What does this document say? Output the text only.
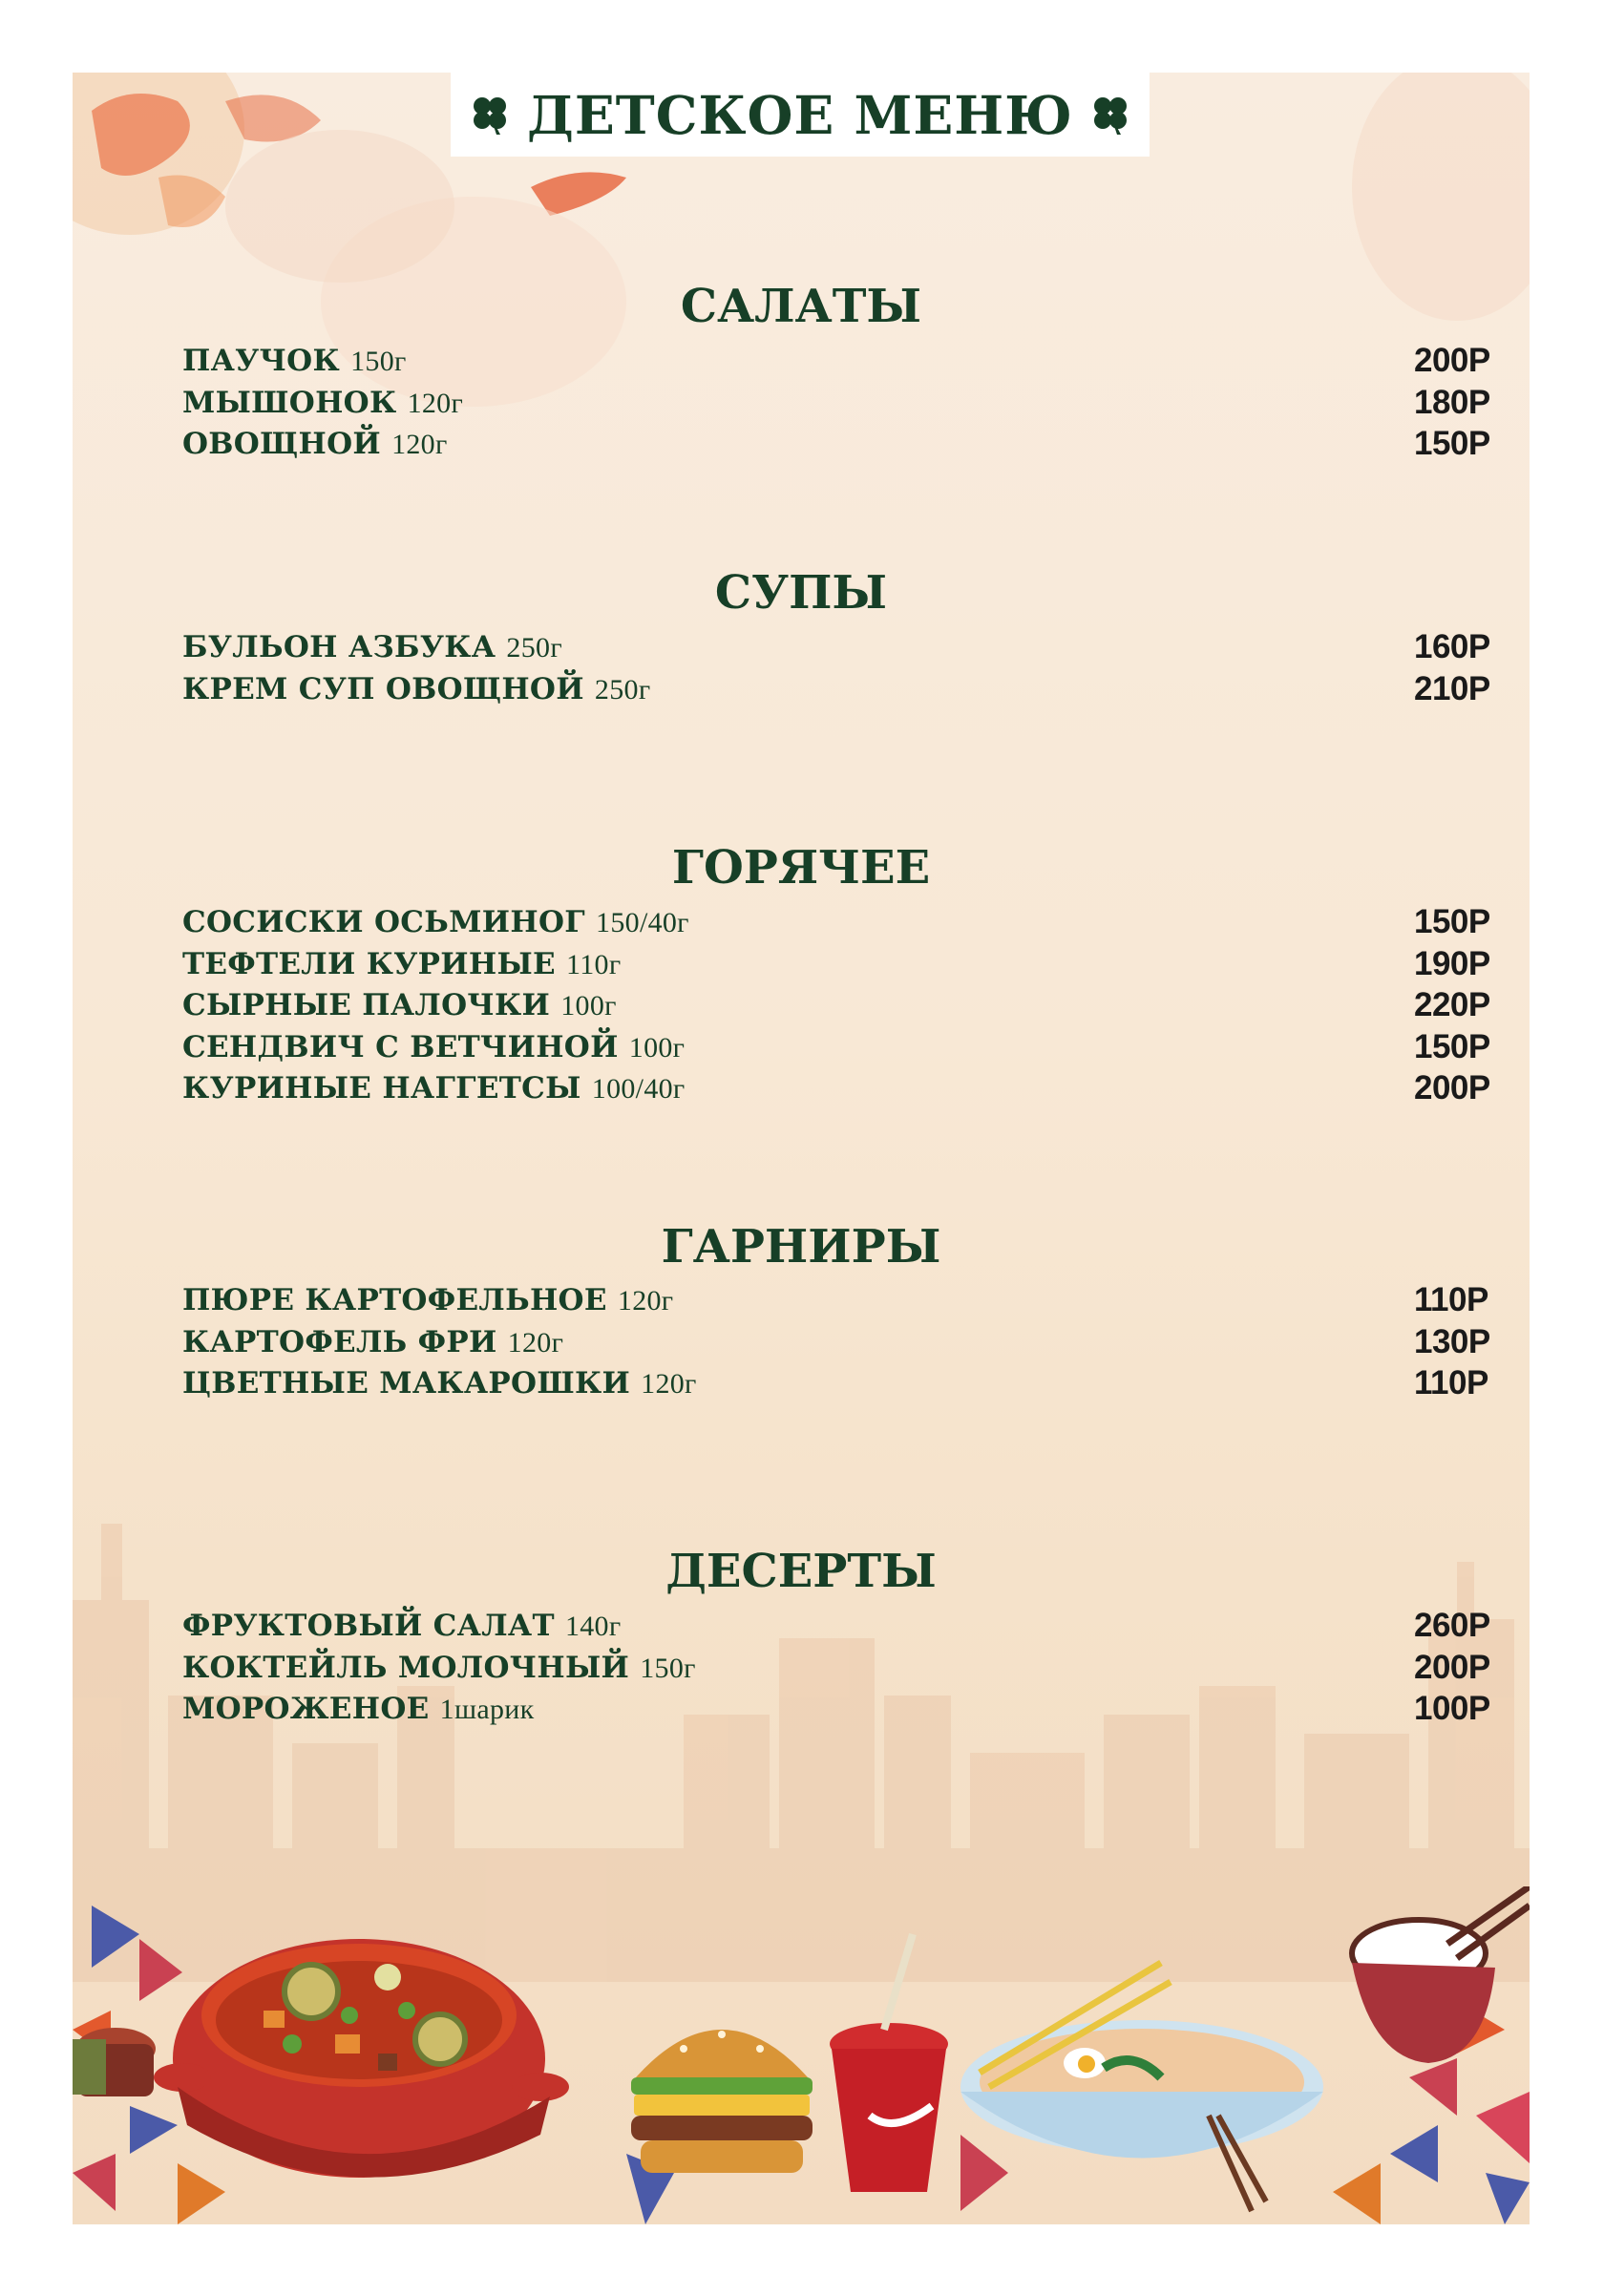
ДЕТСКОЕ МЕНЮ
САЛАТЫ
ПАУЧОК 150г	200Р
МЫШОНОК 120г	180Р
ОВОЩНОЙ 120г	150Р
СУПЫ
БУЛЬОН АЗБУКА 250г	160Р
КРЕМ СУП ОВОЩНОЙ 250г	210Р
ГОРЯЧЕЕ
СОСИСКИ ОСЬМИНОГ 150/40г	150Р
ТЕФТЕЛИ КУРИНЫЕ 110г	190Р
СЫРНЫЕ ПАЛОЧКИ 100г	220Р
СЕНДВИЧ С ВЕТЧИНОЙ 100г	150Р
КУРИНЫЕ НАГГЕТСЫ 100/40г	200Р
ГАРНИРЫ
ПЮРЕ КАРТОФЕЛЬНОЕ 120г	110Р
КАРТОФЕЛЬ ФРИ 120г	130Р
ЦВЕТНЫЕ МАКАРОШКИ 120г	110Р
ДЕСЕРТЫ
ФРУКТОВЫЙ САЛАТ 140г	260Р
КОКТЕЙЛЬ МОЛОЧНЫЙ 150г	200Р
МОРОЖЕНОЕ 1шарик	100Р
